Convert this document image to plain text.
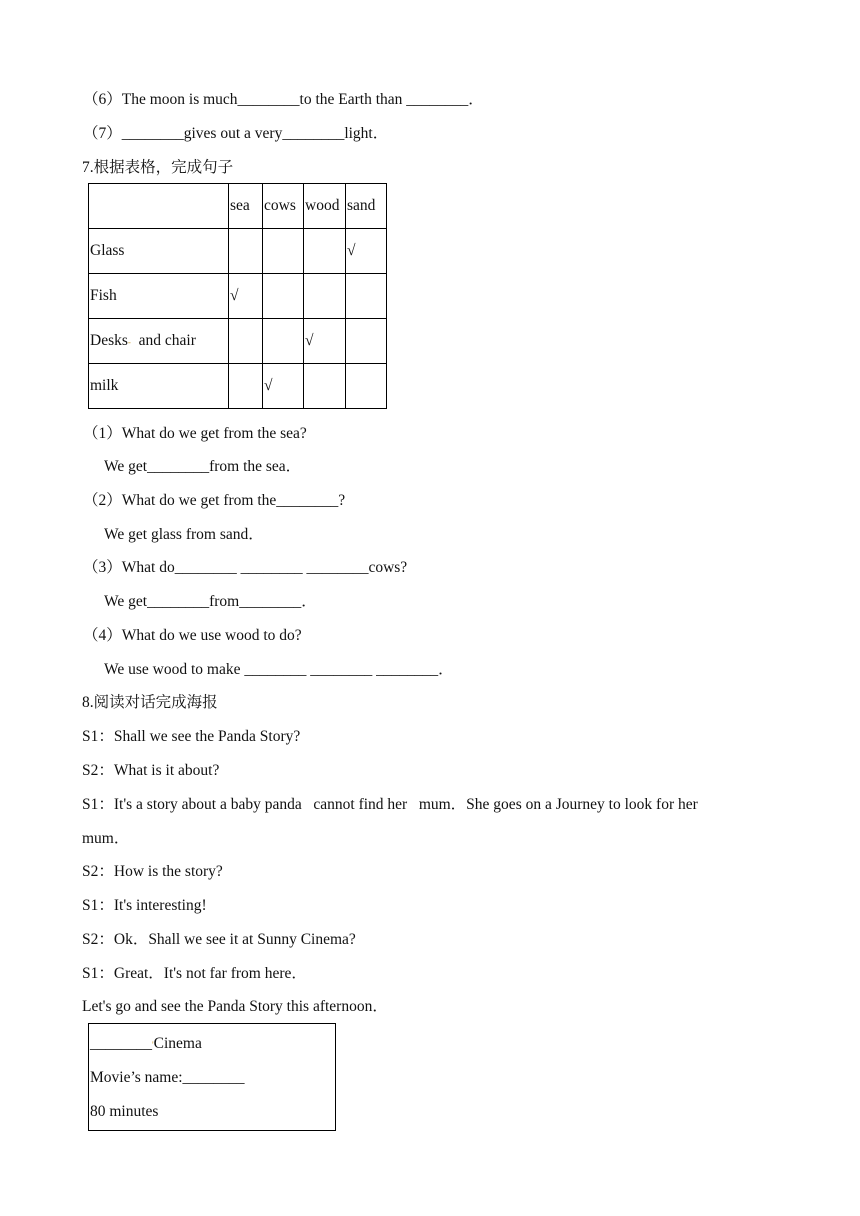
（6）The moon is much________to the Earth than ________．
（7）________gives out a very________light．
7.根据表格，完成句子
	sea	cows	wood	sand
Glass				√
Fish	√			
Desks-  and chair			√	
milk		√		
（1）What do we get from the sea?
We get________from the sea．
（2）What do we get from the________?
We get glass from sand．
（3）What do________ ________ ________cows?
We get________from________．
（4）What do we use wood to do?
We use wood to make ________ ________ ________．
8.阅读对话完成海报
S1：Shall we see the Panda Story?
S2：What is it about?
S1：It's a story about a baby panda   cannot find her   mum．She goes on a Journey to look for her
mum．
S2：How is the story?
S1：It's interesting!
S2：Ok．Shall we see it at Sunny Cinema?
S1：Great．It's not far from here．
Let's go and see the Panda Story this afternoon．
________'Cinema
Movie’s name:________
80 minutes
